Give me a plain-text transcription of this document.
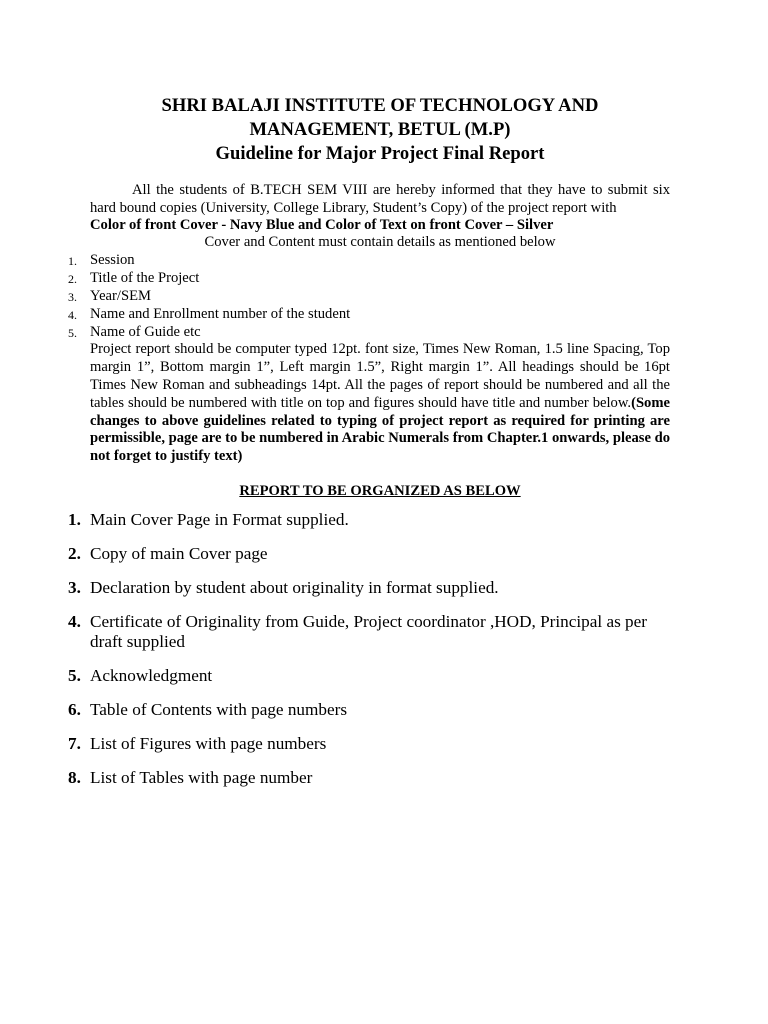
SHRI BALAJI INSTITUTE OF TECHNOLOGY AND
MANAGEMENT, BETUL (M.P)
Guideline for Major Project Final Report
All the students of B.TECH SEM VIII are hereby informed that they have to submit six hard bound copies (University, College Library, Student’s Copy) of the project report with
Color of front Cover - Navy Blue and Color of Text on front Cover – Silver
Cover and Content must contain details as mentioned below
1. Session
2. Title of the Project
3. Year/SEM
4. Name and Enrollment number of the student
5. Name of Guide etc
Project report should be computer typed 12pt. font size, Times New Roman, 1.5 line Spacing, Top margin 1”, Bottom margin 1”, Left margin 1.5”, Right margin 1”. All headings should be 16pt Times New Roman and subheadings 14pt. All the pages of report should be numbered and all the tables should be numbered with title on top and figures should have title and number below.(Some changes to above guidelines related to typing of project report as required for printing are permissible, page are to be numbered in Arabic Numerals from Chapter.1 onwards, please do not forget to justify text)
REPORT TO BE ORGANIZED AS BELOW
1. Main Cover Page in Format supplied.
2. Copy of main Cover page
3. Declaration by student about originality in format supplied.
4. Certificate of Originality from Guide, Project coordinator ,HOD, Principal as per draft supplied
5. Acknowledgment
6. Table of Contents with page numbers
7. List of Figures with page numbers
8. List of Tables with page number
